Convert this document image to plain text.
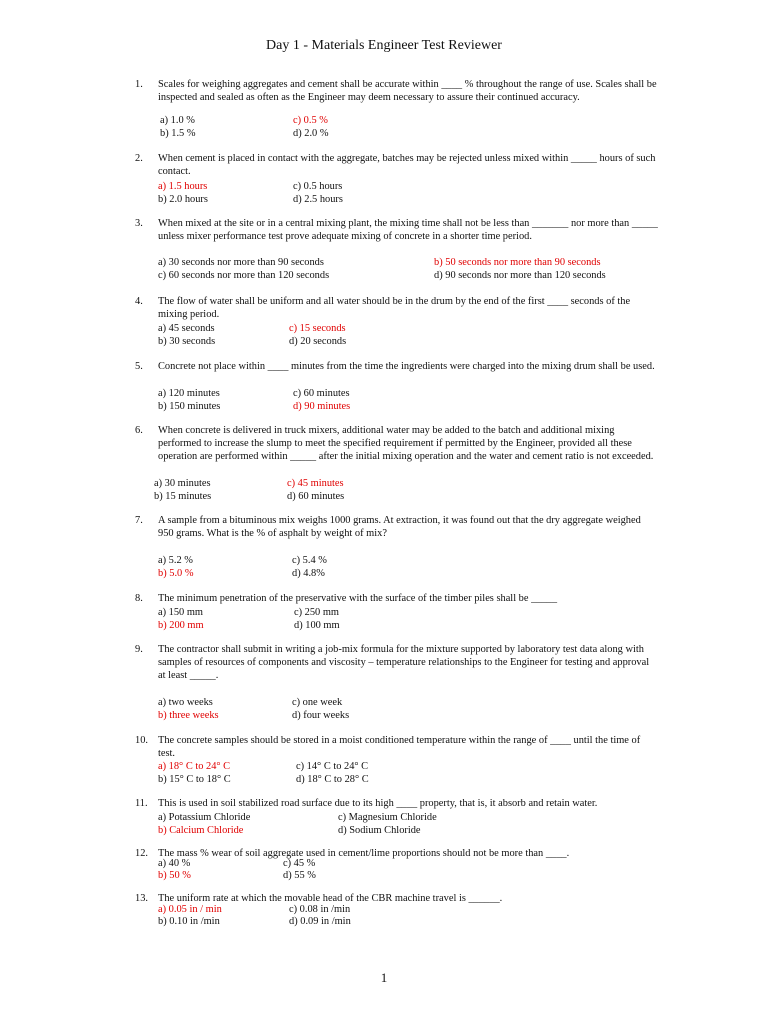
Day 1 - Materials Engineer Test Reviewer
1. Scales for weighing aggregates and cement shall be accurate within ____ % throughout the range of use. Scales shall be inspected and sealed as often as the Engineer may deem necessary to assure their continued accuracy.
a) 1.0 %	c) 0.5 %
b) 1.5 %	d) 2.0 %
2. When cement is placed in contact with the aggregate, batches may be rejected unless mixed within _____ hours of such contact.
a) 1.5 hours	c) 0.5 hours
b) 2.0 hours	d) 2.5 hours
3. When mixed at the site or in a central mixing plant, the mixing time shall not be less than _______ nor more than _____ unless mixer performance test prove adequate mixing of concrete in a shorter time period.
a) 30 seconds nor more than 90 seconds	b) 50 seconds nor more than 90 seconds
c) 60 seconds nor more than 120 seconds	d) 90 seconds nor more than 120 seconds
4. The flow of water shall be uniform and all water should be in the drum by the end of the first ____ seconds of the mixing period.
a) 45 seconds	c) 15 seconds
b) 30 seconds	d) 20 seconds
5. Concrete not place within ____ minutes from the time the ingredients were charged into the mixing drum shall be used.
a) 120 minutes	c) 60 minutes
b) 150 minutes	d) 90 minutes
6. When concrete is delivered in truck mixers, additional water may be added to the batch and additional mixing performed to increase the slump to meet the specified requirement if permitted by the Engineer, provided all these operation are performed within _____ after the initial mixing operation and the water and cement ratio is not exceeded.
a) 30 minutes	c) 45 minutes
b) 15 minutes	d) 60 minutes
7. A sample from a bituminous mix weighs 1000 grams. At extraction, it was found out that the dry aggregate weighed 950 grams. What is the % of asphalt by weight of mix?
a) 5.2 %	c) 5.4 %
b) 5.0 %	d) 4.8%
8. The minimum penetration of the preservative with the surface of the timber piles shall be _____
a) 150 mm	c) 250 mm
b) 200 mm	d) 100 mm
9. The contractor shall submit in writing a job-mix formula for the mixture supported by laboratory test data along with samples of resources of components and viscosity – temperature relationships to the Engineer for testing and approval at least _____.
a) two weeks	c) one week
b) three weeks	d) four weeks
10. The concrete samples should be stored in a moist conditioned temperature within the range of ____ until the time of test.
a) 18° C to 24° C	c) 14° C to 24° C
b) 15° C to 18° C	d) 18° C to 28° C
11. This is used in soil stabilized road surface due to its high ____ property, that is, it absorb and retain water.
a) Potassium Chloride	c) Magnesium Chloride
b) Calcium Chloride	d) Sodium Chloride
12. The mass % wear of soil aggregate used in cement/lime proportions should not be more than ____.
a) 40 %	c) 45 %
b) 50 %	d) 55 %
13. The uniform rate at which the movable head of the CBR machine travel is ______.
a) 0.05 in / min	c) 0.08 in /min
b) 0.10 in /min	d) 0.09 in /min
1
